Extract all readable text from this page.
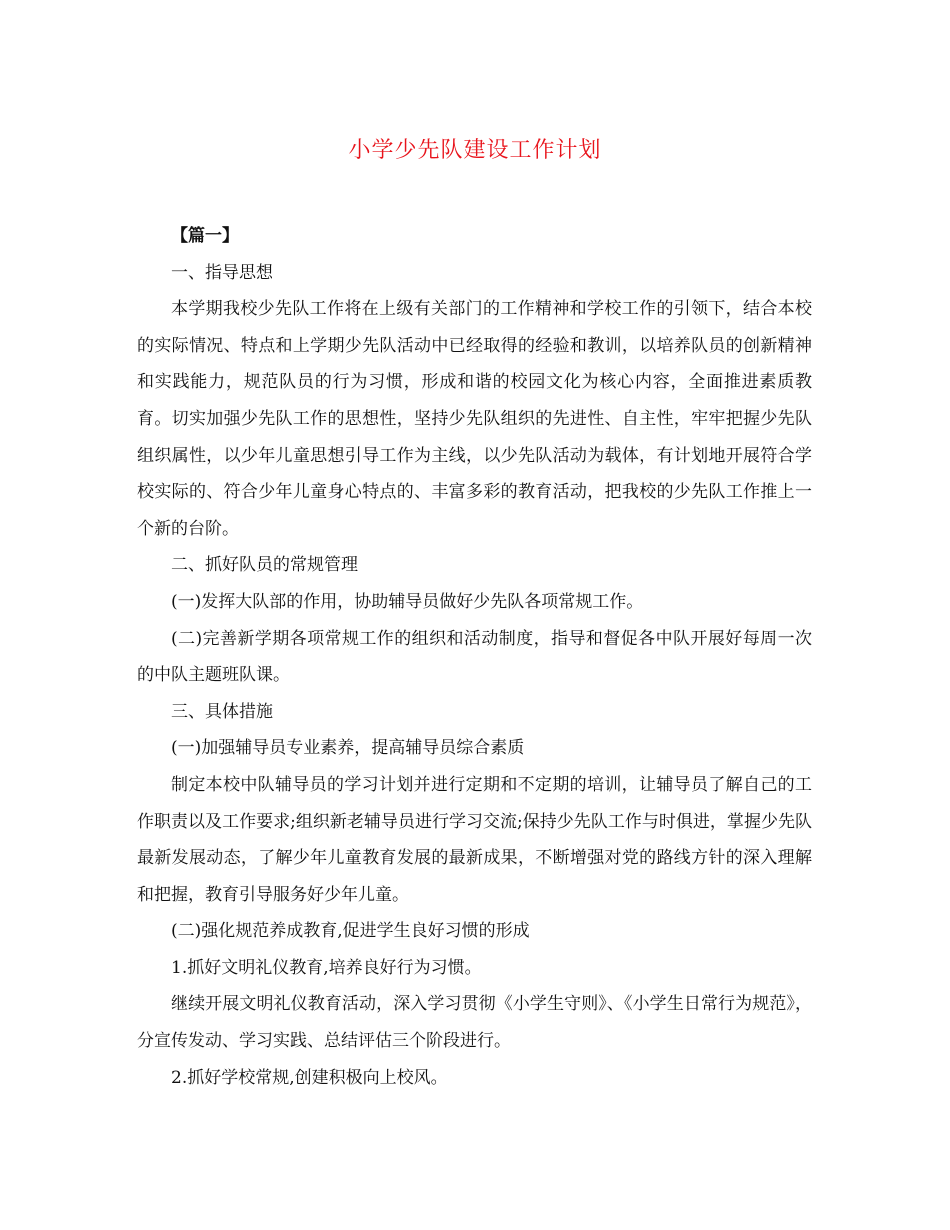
小学少先队建设工作计划

【篇一】

一、指导思想

本学期我校少先队工作将在上级有关部门的工作精神和学校工作的引领下，结合本校的实际情况、特点和上学期少先队活动中已经取得的经验和教训，以培养队员的创新精神和实践能力，规范队员的行为习惯，形成和谐的校园文化为核心内容，全面推进素质教育。切实加强少先队工作的思想性，坚持少先队组织的先进性、自主性，牢牢把握少先队组织属性，以少年儿童思想引导工作为主线，以少先队活动为载体，有计划地开展符合学校实际的、符合少年儿童身心特点的、丰富多彩的教育活动，把我校的少先队工作推上一个新的台阶。

二、抓好队员的常规管理

(一)发挥大队部的作用，协助辅导员做好少先队各项常规工作。

(二)完善新学期各项常规工作的组织和活动制度，指导和督促各中队开展好每周一次的中队主题班队课。

三、具体措施

(一)加强辅导员专业素养，提高辅导员综合素质

制定本校中队辅导员的学习计划并进行定期和不定期的培训，让辅导员了解自己的工作职责以及工作要求;组织新老辅导员进行学习交流;保持少先队工作与时俱进，掌握少先队最新发展动态，了解少年儿童教育发展的最新成果，不断增强对党的路线方针的深入理解和把握，教育引导服务好少年儿童。

(二)强化规范养成教育,促进学生良好习惯的形成

1.抓好文明礼仪教育,培养良好行为习惯。

继续开展文明礼仪教育活动，深入学习贯彻《小学生守则》、《小学生日常行为规范》，分宣传发动、学习实践、总结评估三个阶段进行。

2.抓好学校常规,创建积极向上校风。
